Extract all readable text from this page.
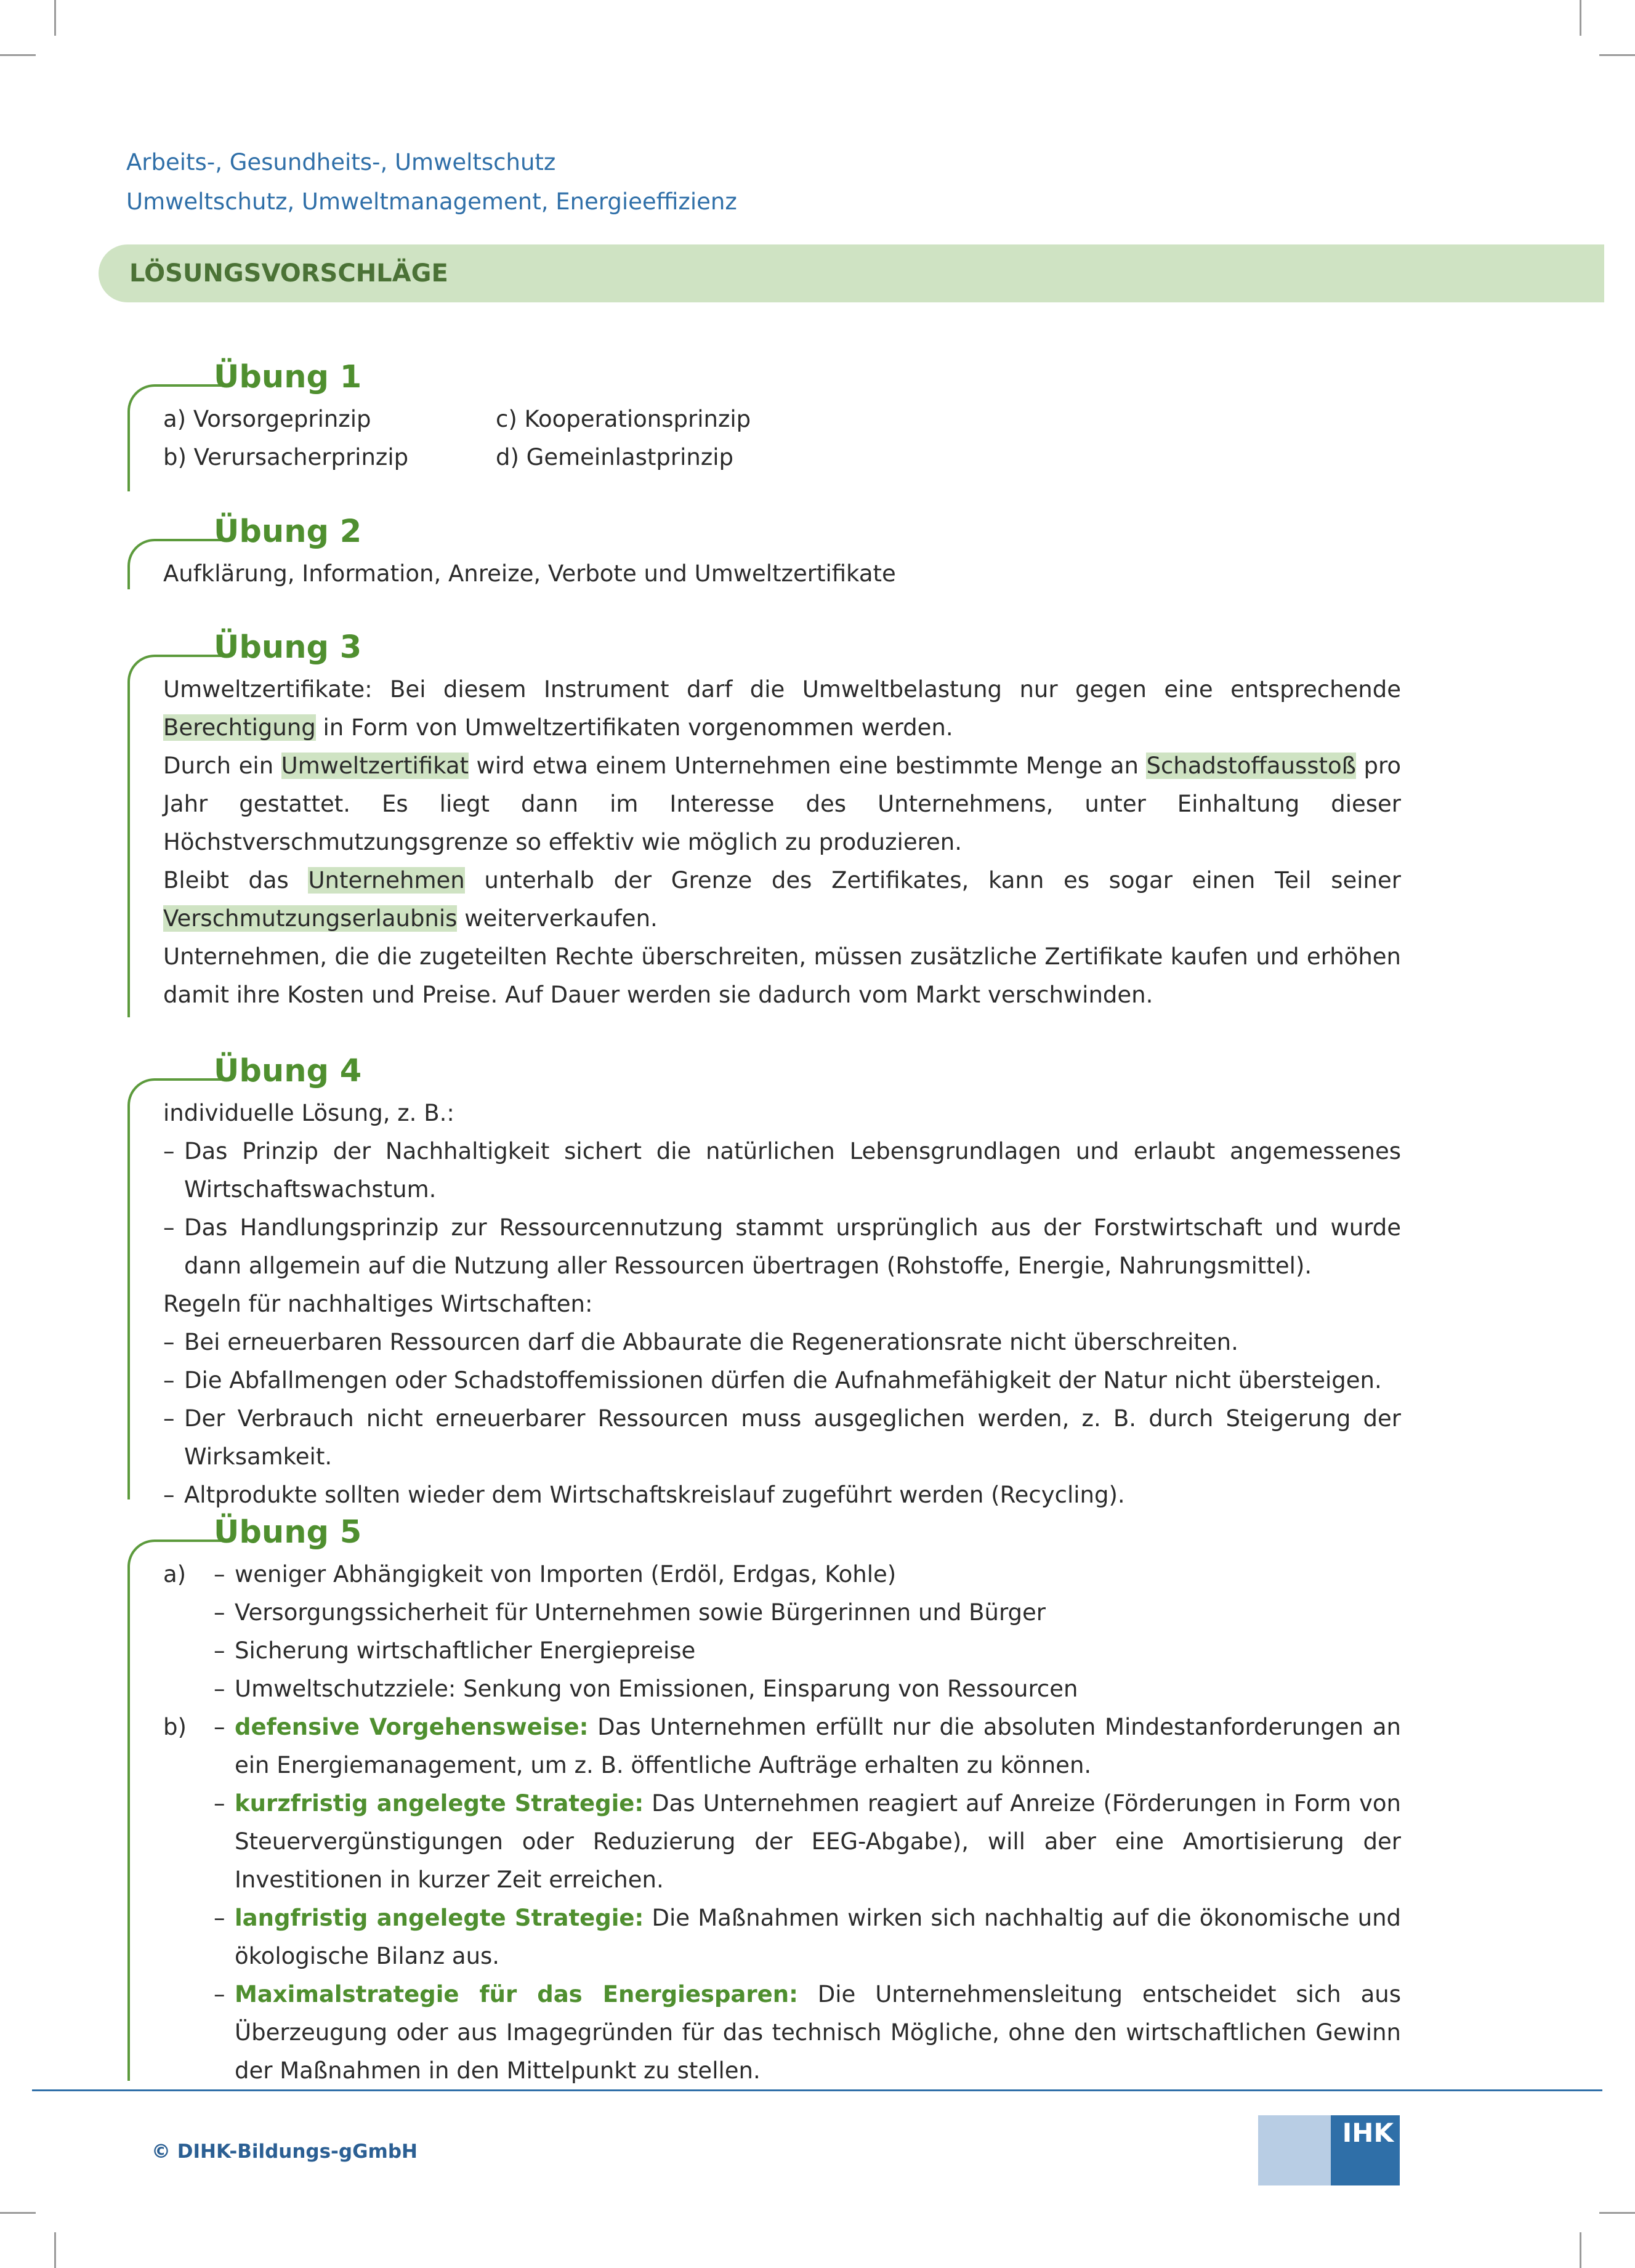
Arbeits-, Gesundheits-, Umweltschutz
Umweltschutz, Umweltmanagement, Energieeffizienz
LÖSUNGSVORSCHLÄGE
Übung 1
a) Vorsorgeprinzip	c) Kooperationsprinzip
b) Verursacherprinzip	d) Gemeinlastprinzip
Übung 2

Aufklärung, Information, Anreize, Verbote und Umweltzertifikate

Übung 3

Umweltzertifikate: Bei diesem Instrument darf die Umweltbelastung nur gegen eine entsprechende Berechtigung in Form von Umweltzertifikaten vorgenommen werden.

Durch ein Umweltzertifikat wird etwa einem Unternehmen eine bestimmte Menge an Schadstoffausstoß pro Jahr gestattet. Es liegt dann im Interesse des Unternehmens, unter Einhaltung dieser Höchstverschmutzungsgrenze so effektiv wie möglich zu produzieren.

Bleibt das Unternehmen unterhalb der Grenze des Zertifikates, kann es sogar einen Teil seiner Verschmutzungserlaubnis weiterverkaufen.

Unternehmen, die die zugeteilten Rechte überschreiten, müssen zusätzliche Zertifikate kaufen und erhöhen damit ihre Kosten und Preise. Auf Dauer werden sie dadurch vom Markt verschwinden.

Übung 4

individuelle Lösung, z. B.:

– Das Prinzip der Nachhaltigkeit sichert die natürlichen Lebensgrundlagen und erlaubt angemessenes Wirtschaftswachstum.
– Das Handlungsprinzip zur Ressourcennutzung stammt ursprünglich aus der Forstwirtschaft und wurde dann allgemein auf die Nutzung aller Ressourcen übertragen (Rohstoffe, Energie, Nahrungsmittel).

Regeln für nachhaltiges Wirtschaften:

– Bei erneuerbaren Ressourcen darf die Abbaurate die Regenerationsrate nicht überschreiten.
– Die Abfallmengen oder Schadstoffemissionen dürfen die Aufnahmefähigkeit der Natur nicht übersteigen.
– Der Verbrauch nicht erneuerbarer Ressourcen muss ausgeglichen werden, z. B. durch Steigerung der Wirksamkeit.
– Altprodukte sollten wieder dem Wirtschaftskreislauf zugeführt werden (Recycling).
Übung 5
a)	– weniger Abhängigkeit von Importen (Erdöl, Erdgas, Kohle)
– Versorgungssicherheit für Unternehmen sowie Bürgerinnen und Bürger
– Sicherung wirtschaftlicher Energiepreise
– Umweltschutzziele: Senkung von Emissionen, Einsparung von Ressourcen
b)	– defensive Vorgehensweise: Das Unternehmen erfüllt nur die absoluten Mindestanforderungen an ein Energiemanagement, um z. B. öffentliche Aufträge erhalten zu können.
– kurzfristig angelegte Strategie: Das Unternehmen reagiert auf Anreize (Förderungen in Form von Steuervergünstigungen oder Reduzierung der EEG-Abgabe), will aber eine Amortisierung der Investitionen in kurzer Zeit erreichen.
– langfristig angelegte Strategie: Die Maßnahmen wirken sich nachhaltig auf die ökonomische und ökologische Bilanz aus.
– Maximalstrategie für das Energiesparen: Die Unternehmensleitung entscheidet sich aus Überzeugung oder aus Imagegründen für das technisch Mögliche, ohne den wirtschaftlichen Gewinn der Maßnahmen in den Mittelpunkt zu stellen.
© DIHK-Bildungs-gGmbH
IHK
